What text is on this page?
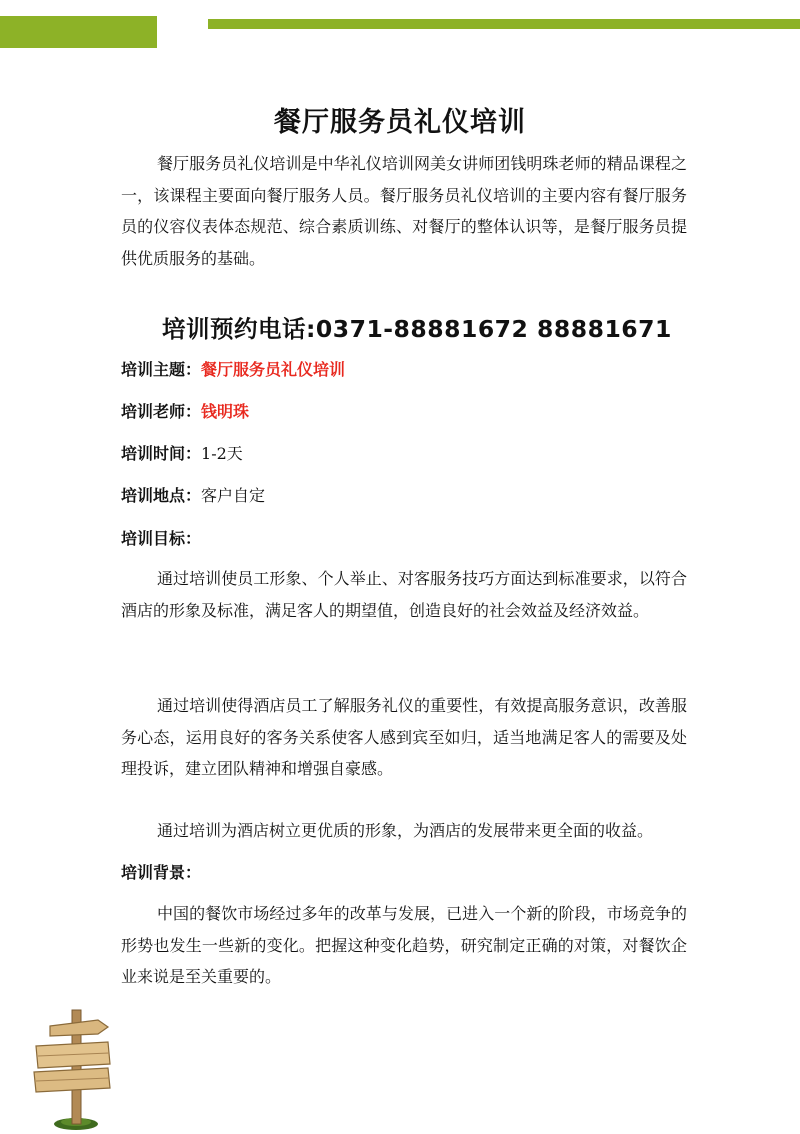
餐厅服务员礼仪培训

餐厅服务员礼仪培训是中华礼仪培训网美女讲师团钱明珠老师的精品课程之一，该课程主要面向餐厅服务人员。餐厅服务员礼仪培训的主要内容有餐厅服务员的仪容仪表体态规范、综合素质训练、对餐厅的整体认识等，是餐厅服务员提供优质服务的基础。

培训预约电话:0371-88881672 88881671
培训主题：餐厅服务员礼仪培训
培训老师：钱明珠
培训时间：1-2天
培训地点：客户自定
培训目标：

通过培训使员工形象、个人举止、对客服务技巧方面达到标准要求，以符合酒店的形象及标准，满足客人的期望值，创造良好的社会效益及经济效益。

通过培训使得酒店员工了解服务礼仪的重要性，有效提高服务意识，改善服务心态，运用良好的客务关系使客人感到宾至如归，适当地满足客人的需要及处理投诉，建立团队精神和增强自豪感。

通过培训为酒店树立更优质的形象，为酒店的发展带来更全面的收益。

培训背景：

中国的餐饮市场经过多年的改革与发展，已进入一个新的阶段，市场竞争的形势也发生一些新的变化。把握这种变化趋势，研究制定正确的对策，对餐饮企业来说是至关重要的。
